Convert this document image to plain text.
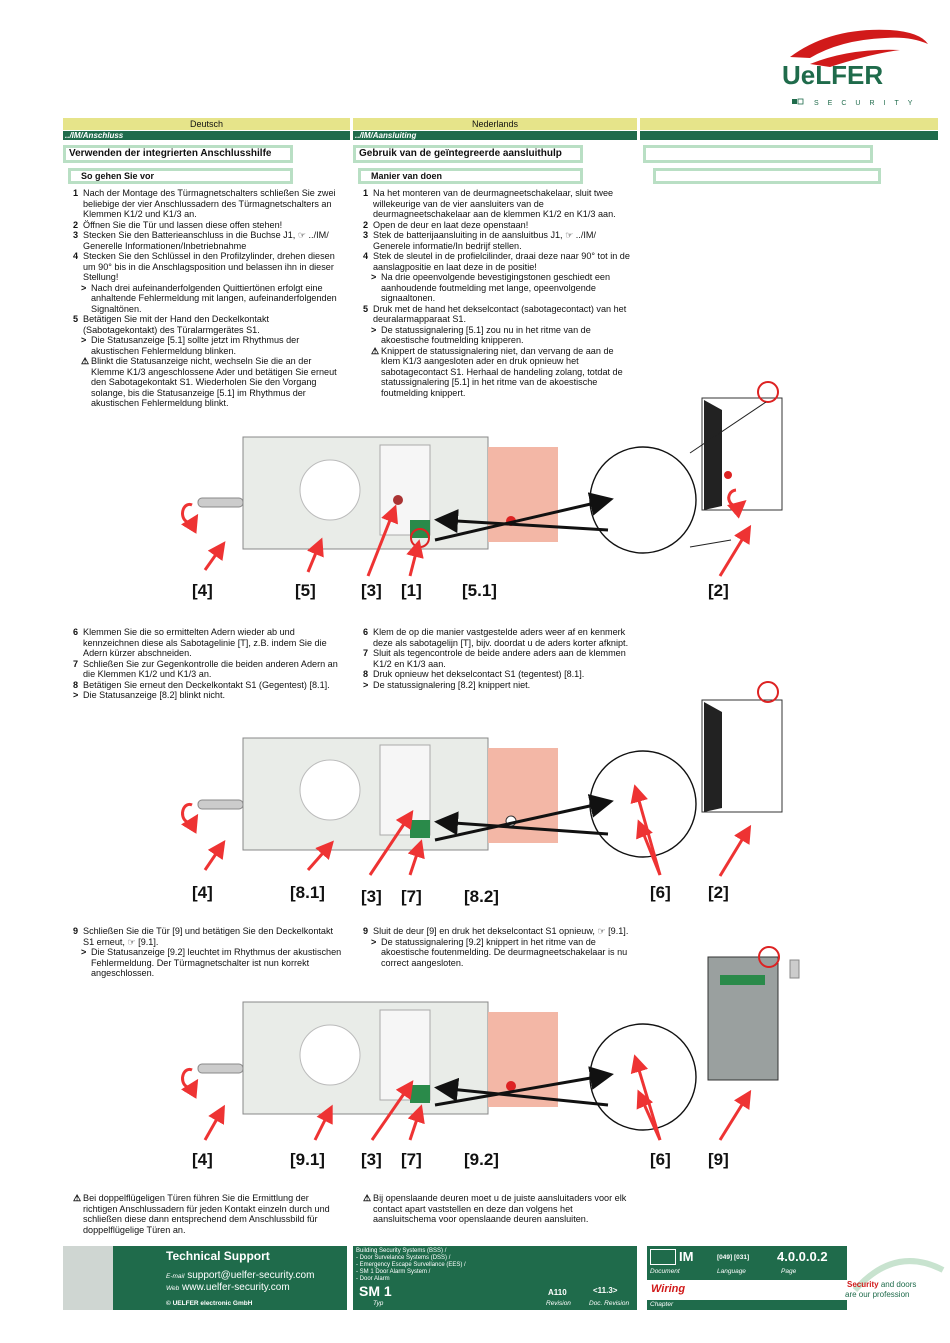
UeLFER
SECURITY
Deutsch	Nederlands
../IM/Anschluss	../IM/Aansluiting
Verwenden der integrierten Anschlusshilfe	Gebruik van de geïntegreerde aansluithulp
So gehen Sie vor	Manier van doen

1 Nach der Montage des Türmagnetschalters schließen Sie zwei beliebige der vier Anschlussadern des Türmagnetschalters an Klemmen K1/2 und K1/3 an.

2 Öffnen Sie die Tür und lassen diese offen stehen!

3 Stecken Sie den Batterieanschluss in die Buchse J1, ☞ ../IM/ Generelle Informationen/Inbetriebnahme

4 Stecken Sie den Schlüssel in den Profilzylinder, drehen diesen um 90° bis in die Anschlagsposition und belassen ihn in dieser Stellung!

> Nach drei aufeinanderfolgenden Quittiertönen erfolgt eine anhaltende Fehlermeldung mit langen, aufeinanderfolgenden Signaltönen.

5 Betätigen Sie mit der Hand den Deckelkontakt (Sabotagekontakt) des Türalarmgerätes S1.

> Die Statusanzeige [5.1] sollte jetzt im Rhythmus der akustischen Fehlermeldung blinken.

⚠ Blinkt die Statusanzeige nicht, wechseln Sie die an der Klemme K1/3 angeschlossene Ader und betätigen Sie erneut den Sabotagekontakt S1. Wiederholen Sie den Vorgang solange, bis die Statusanzeige [5.1] im Rhythmus der akustischen Fehlermeldung blinkt.

1 Na het monteren van de deurmagneetschakelaar, sluit twee willekeurige van de vier aansluiters van de deurmagneetschakelaar aan de klemmen K1/2 en K1/3 aan.

2 Open de deur en laat deze openstaan!

3 Stek de batterijaansluiting in de aansluitbus J1, ☞ ../IM/ Generele informatie/In bedrijf stellen.

4 Stek de sleutel in de profielcilinder, draai deze naar 90° tot in de aanslagpositie en laat deze in de positie!

> Na drie opeenvolgende bevestigingstonen geschiedt een aanhoudende foutmelding met lange, opeenvolgende signaaltonen.

5 Druk met de hand het dekselcontact (sabotagecontact) van het deuralarmapparaat S1.

> De statussignalering [5.1] zou nu in het ritme van de akoestische foutmelding knipperen.

⚠ Knippert de statussignalering niet, dan vervang de aan de klem K1/3 aangesloten ader en druk opnieuw het sabotagecontact S1. Herhaal de handeling zolang, totdat de statussignalering [5.1] in het ritme van de akoestische foutmelding knippert.

6 Klemmen Sie die so ermittelten Adern wieder ab und kennzeichnen diese als Sabotagelinie [T], z.B. indem Sie die Adern kürzer abschneiden.

7 Schließen Sie zur Gegenkontrolle die beiden anderen Adern an die Klemmen K1/2 und K1/3 an.

8 Betätigen Sie erneut den Deckelkontakt S1 (Gegentest) [8.1].

> Die Statusanzeige [8.2] blinkt nicht.

6 Klem de op die manier vastgestelde aders weer af en kenmerk deze als sabotagelijn [T], bijv. doordat u de aders korter afknipt.

7 Sluit als tegencontrole de beide andere aders aan de klemmen K1/2 en K1/3 aan.

8 Druk opnieuw het dekselcontact S1 (tegentest) [8.1].

> De statussignalering [8.2] knippert niet.

9 Schließen Sie die Tür [9] und betätigen Sie den Deckelkontakt S1 erneut, ☞ [9.1].

> Die Statusanzeige [9.2] leuchtet im Rhythmus der akustischen Fehlermeldung. Der Türmagnetschalter ist nun korrekt angeschlossen.

9 Sluit de deur [9] en druk het dekselcontact S1 opnieuw, ☞ [9.1].

> De statussignalering [9.2] knippert in het ritme van de akoestische foutenmelding. De deurmagneetschakelaar is nu correct aangesloten.

⚠ Bei doppelflügeligen Türen führen Sie die Ermittlung der richtigen Anschlussadern für jeden Kontakt einzeln durch und schließen diese dann entsprechend dem Anschlussbild für doppelflügelige Türen an.

⚠ Bij openslaande deuren moet u de juiste aansluitaders voor elk contact apart vaststellen en deze dan volgens het aansluitschema voor openslaande deuren aansluiten.

[4]	[5]	[3] [1] [5.1]	[2]
[4]	[8.1] [3] [7] [8.2]	[6] [2]
[4]	[9.1] [3] [7] [9.2]	[6] [9]
Technical Support
E-mail support@uelfer-security.com
Web www.uelfer-security.com
© UELFER electronic GmbH
Building Security Systems (BSS) /
- Door Survelance Systems (DSS) /
- Emergency Escape Survellance (EES) /
- SM 1 Door Alarm System /
- Door Alarm
SM 1
Typ
A110
Revision
<11.3>
Doc. Revision
IM
Document
[049] [031]
Language
4.0.0.0.2
Page
Wiring
Chapter
Security and doors
are our profession
